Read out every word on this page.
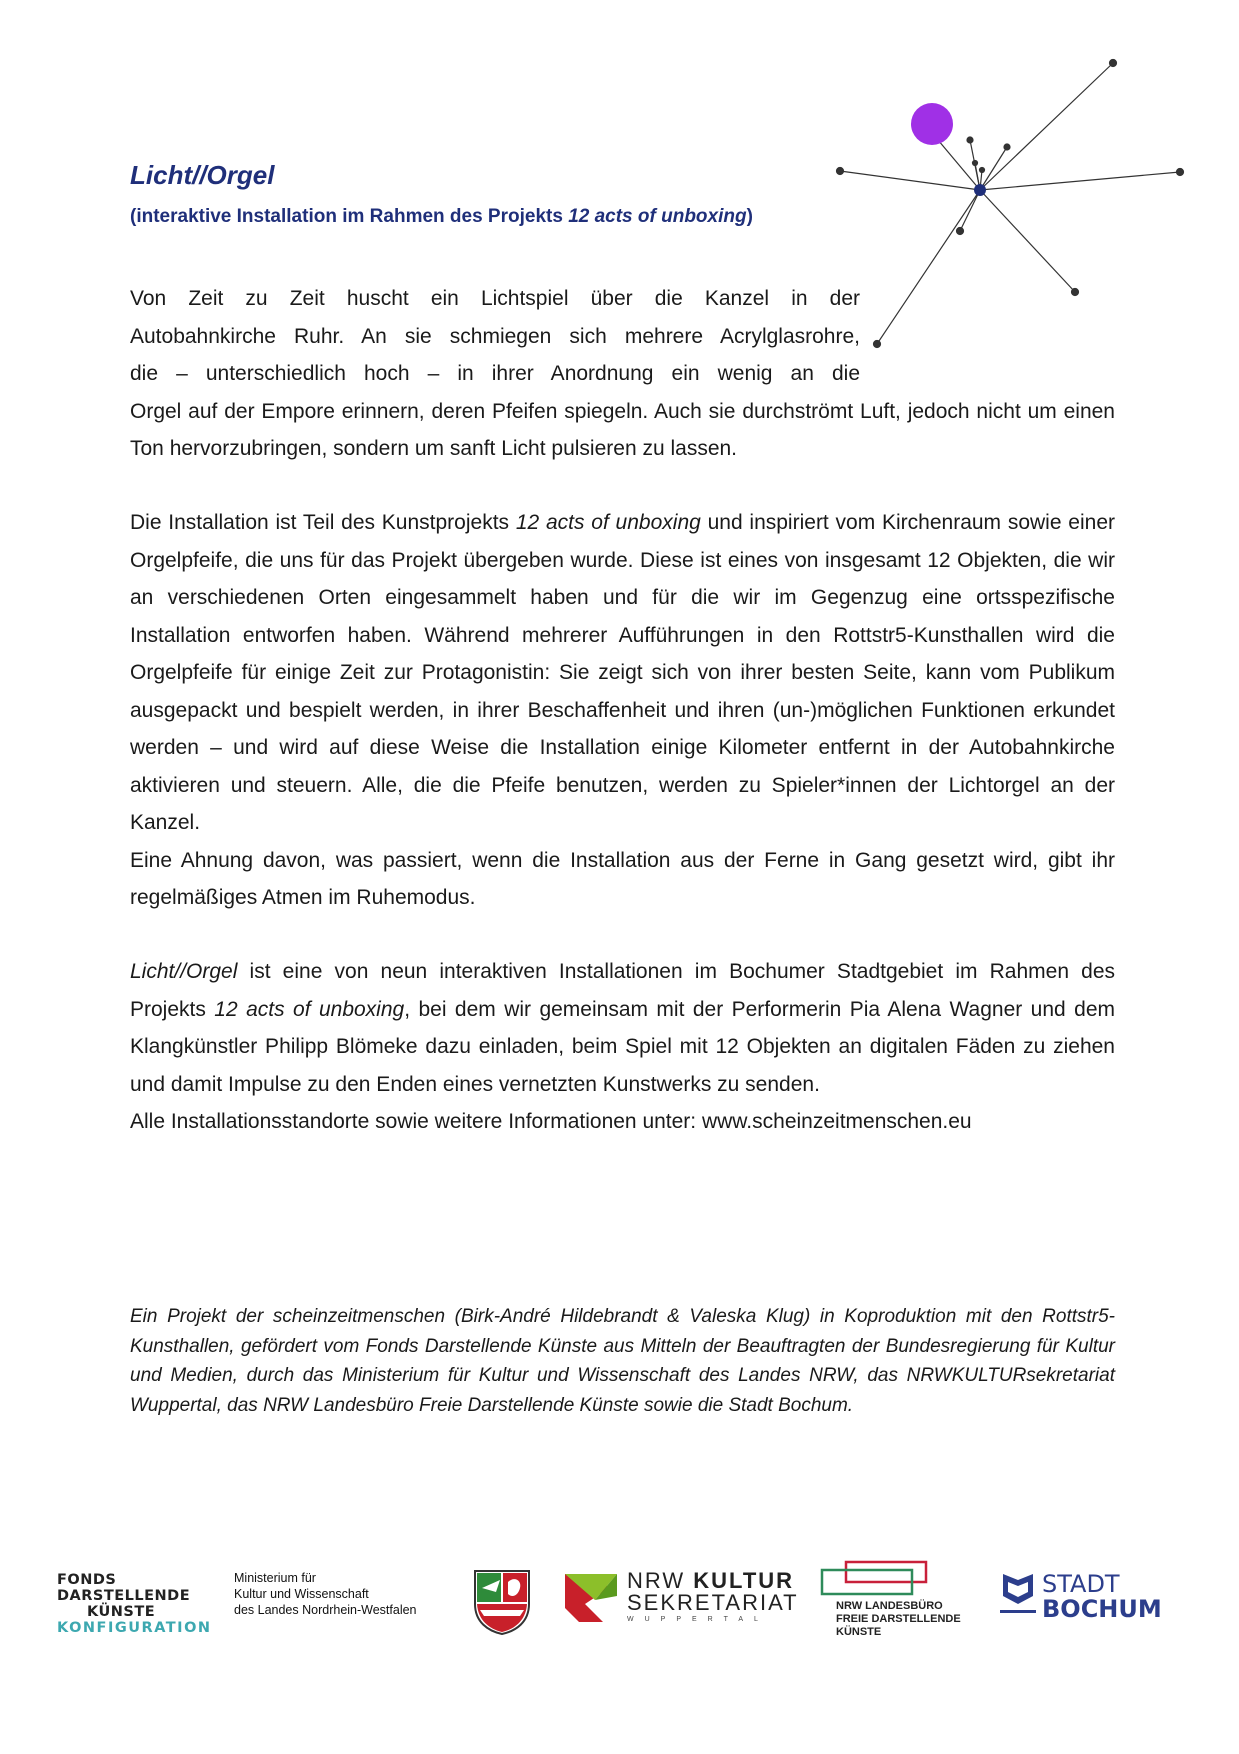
Licht//Orgel

(interaktive Installation im Rahmen des Projekts 12 acts of unboxing)

Von Zeit zu Zeit huscht ein Lichtspiel über die Kanzel in der
Autobahnkirche Ruhr. An sie schmiegen sich mehrere Acrylglasrohre,
die – unterschiedlich hoch – in ihrer Anordnung ein wenig an die
Orgel auf der Empore erinnern, deren Pfeifen spiegeln. Auch sie durchströmt Luft, jedoch nicht um einen Ton hervorzubringen, sondern um sanft Licht pulsieren zu lassen.

Die Installation ist Teil des Kunstprojekts 12 acts of unboxing und inspiriert vom Kirchenraum sowie einer Orgelpfeife, die uns für das Projekt übergeben wurde. Diese ist eines von insgesamt 12 Objekten, die wir an verschiedenen Orten eingesammelt haben und für die wir im Gegenzug eine ortsspezifische Installation entworfen haben. Während mehrerer Aufführungen in den Rottstr5-Kunsthallen wird die Orgelpfeife für einige Zeit zur Protagonistin: Sie zeigt sich von ihrer besten Seite, kann vom Publikum ausgepackt und bespielt werden, in ihrer Beschaffenheit und ihren (un-)möglichen Funktionen erkundet werden – und wird auf diese Weise die Installation einige Kilometer entfernt in der Autobahnkirche aktivieren und steuern. Alle, die die Pfeife benutzen, werden zu Spieler*innen der Lichtorgel an der Kanzel.
Eine Ahnung davon, was passiert, wenn die Installation aus der Ferne in Gang gesetzt wird, gibt ihr regelmäßiges Atmen im Ruhemodus.

Licht//Orgel ist eine von neun interaktiven Installationen im Bochumer Stadtgebiet im Rahmen des Projekts 12 acts of unboxing, bei dem wir gemeinsam mit der Performerin Pia Alena Wagner und dem Klangkünstler Philipp Blömeke dazu einladen, beim Spiel mit 12 Objekten an digitalen Fäden zu ziehen und damit Impulse zu den Enden eines vernetzten Kunstwerks zu senden.
Alle Installationsstandorte sowie weitere Informationen unter: www.scheinzeitmenschen.eu

Ein Projekt der scheinzeitmenschen (Birk-André Hildebrandt & Valeska Klug) in Koproduktion mit den Rottstr5-Kunsthallen, gefördert vom Fonds Darstellende Künste aus Mitteln der Beauftragten der Bundesregierung für Kultur und Medien, durch das Ministerium für Kultur und Wissenschaft des Landes NRW, das NRWKULTURsekretariat Wuppertal, das NRW Landesbüro Freie Darstellende Künste sowie die Stadt Bochum.

FONDS
DARSTELLENDE
KÜNSTE
KONFIGURATION
Ministerium für
Kultur und Wissenschaft
des Landes Nordrhein-Westfalen
NRW KULTUR
SEKRETARIAT
WUPPERTAL
NRW LANDESBÜRO
FREIE DARSTELLENDE
KÜNSTE
STADT
BOCHUM
